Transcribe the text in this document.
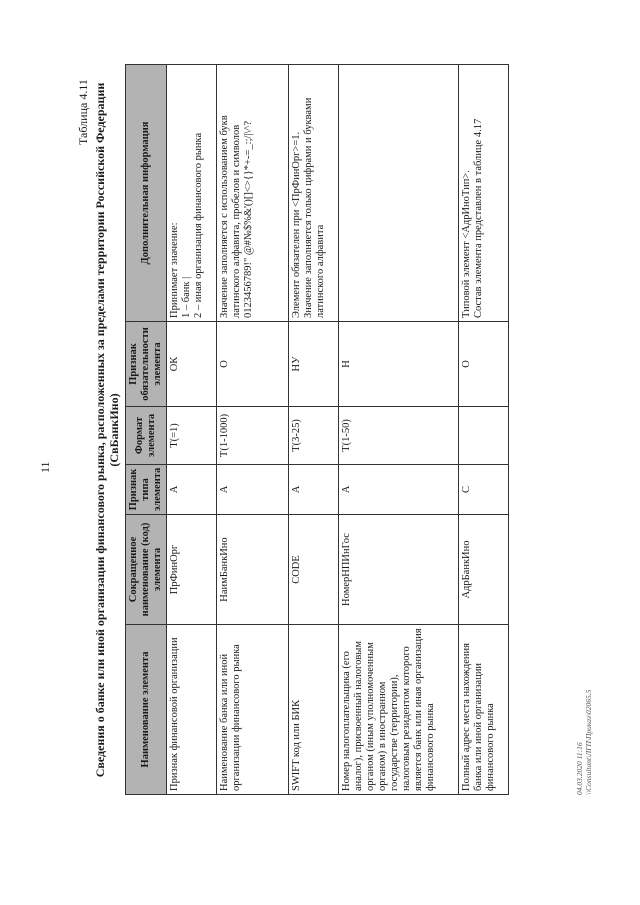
11
Таблица 4.11 Сведения о банке или иной организации финансового рынка, расположенных за пределами территории Российской Федерации (СвБанкИно)
Наименование элемента	Сокращенное наименование (код) элемента	Признак типа элемента	Формат элемента	Признак обязательности элемента	Дополнительная информация
Признак финансовой организации	ПрФинОрг	А	T(=1)	ОК	Принимает значение:
1 – банк |
2 – иная организация финансового рынка
Наименование банка или иной организации финансового рынка	НаимБанкИно	А	T(1-1000)	О	Значение заполняется с использованием букв латинского алфавита, пробелов и символов
0123456789!" @#№$%&'()[]<>{}*+-=_:;/|\^?
SWIFT код или БИК	CODE	А	T(3-25)	НУ	Элемент обязателен при <ПрФинОрг>=1.
Значение заполняется только цифрами и буквами латинского алфавита
Номер налогоплательщика (его аналог), присвоенный налоговым органом (иным уполномоченным органом) в иностранном государстве (территории), налоговым резидентом которого является банк или иная организация финансового рынка	НомерНПИнГос	А	T(1-50)	Н	
Полный адрес места нахождения банка или иной организации финансового рынка	АдрБанкИно	С		О	Типовой элемент <АдрИноТип>.
Состав элемента представлен в таблице 4.17
04.03.2020 11:16 \\Consultant\ЛГП\Приказ\02065.5
